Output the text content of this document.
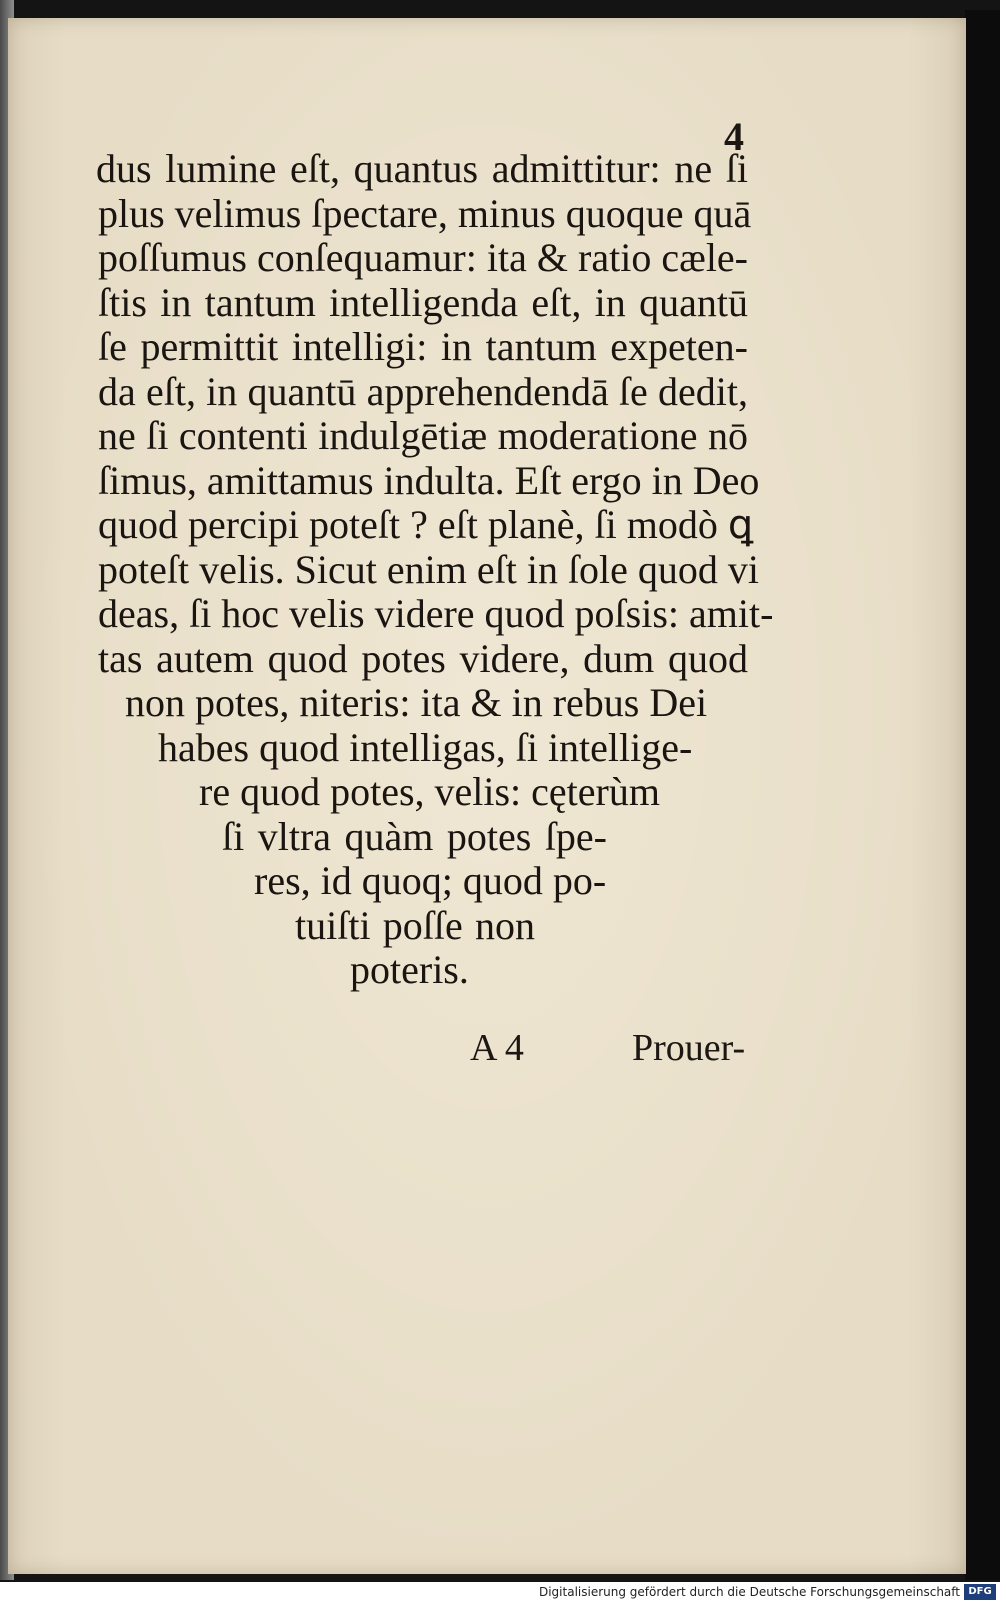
4
dus lumine eſt, quantus admittitur: ne ſi
plus velimus ſpectare, minus quoque quā
poſſumus conſequamur: ita & ratio cæle-
ſtis in tantum intelligenda eſt, in quantū
ſe permittit intelligi: in tantum expeten-
da eſt, in quantū apprehendendā ſe dedit,
ne ſi contenti indulgētiæ moderatione nō
ſimus, amittamus indulta. Eſt ergo in Deo
quod percipi poteſt ? eſt planè, ſi modò ꝗ
poteſt velis. Sicut enim eſt in ſole quod vi
deas, ſi hoc velis videre quod poſsis: amit-
tas autem quod potes videre, dum quod
non potes, niteris: ita & in rebus Dei
habes quod intelligas, ſi intellige-
re quod potes, velis: cęterùm
ſi vltra quàm potes ſpe-
res, id quoq; quod po-
tuiſti poſſe non
poteris.
A 4	Prouer-
Digitalisierung gefördert durch die Deutsche Forschungsgemeinschaft DFG
